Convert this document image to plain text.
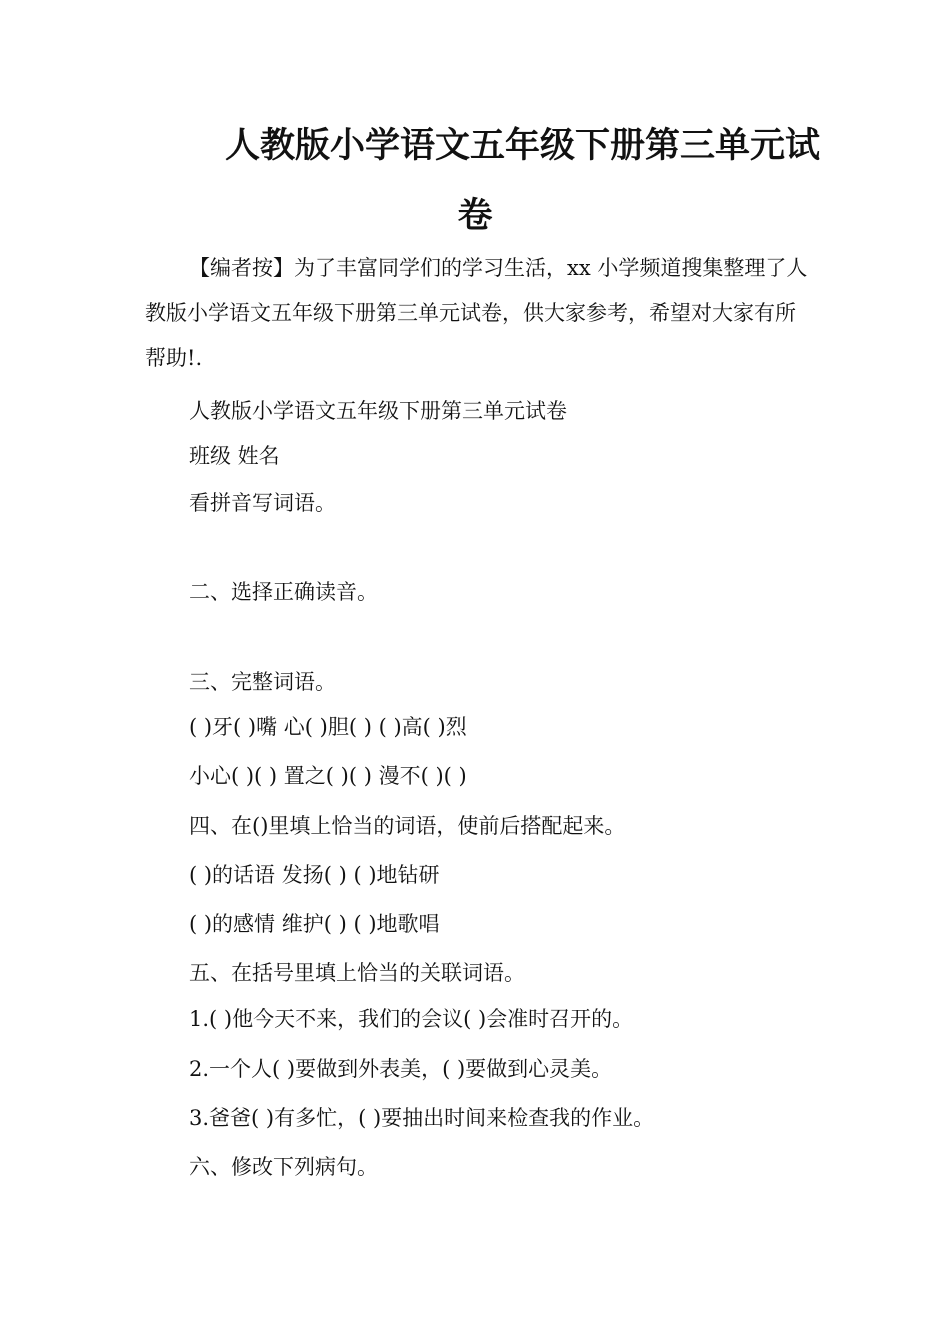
人教版小学语文五年级下册第三单元试
卷
【编者按】为了丰富同学们的学习生活，xx 小学频道搜集整理了人教版小学语文五年级下册第三单元试卷，供大家参考，希望对大家有所帮助!.
人教版小学语文五年级下册第三单元试卷
班级 姓名
看拼音写词语。
二、选择正确读音。
三、完整词语。
( )牙( )嘴 心( )胆( ) ( )高( )烈
小心( )( ) 置之( )( ) 漫不( )( )
四、在()里填上恰当的词语，使前后搭配起来。
( )的话语 发扬( ) ( )地钻研
( )的感情 维护( ) ( )地歌唱
五、在括号里填上恰当的关联词语。
1.( )他今天不来，我们的会议( )会准时召开的。
2.一个人( )要做到外表美，( )要做到心灵美。
3.爸爸( )有多忙，( )要抽出时间来检查我的作业。
六、修改下列病句。
